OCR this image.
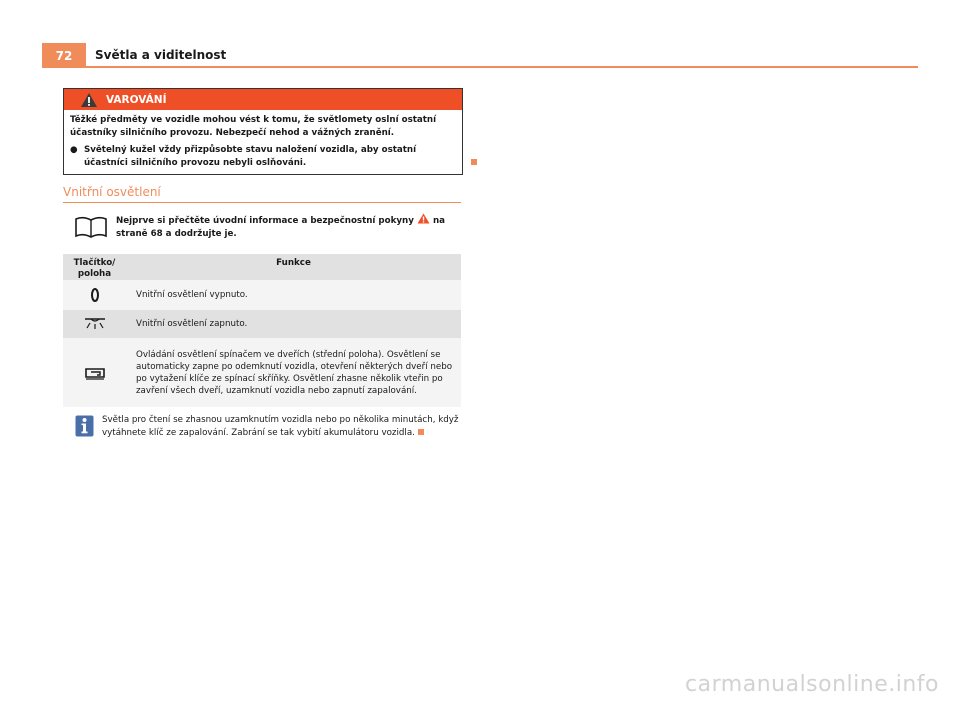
72	Světla a viditelnost
VAROVÁNÍ

Těžké předměty ve vozidle mohou vést k tomu, že světlomety oslní ostatní účastníky silničního provozu. Nebezpečí nehod a vážných zranění.

● Světelný kužel vždy přizpůsobte stavu naložení vozidla, aby ostatní účastníci silničního provozu nebyli oslňováni.
Vnitřní osvětlení
Nejprve si přečtěte úvodní informace a bezpečnostní pokyny na straně 68 a dodržujte je.
Tlačítko/ poloha	Funkce
	Vnitřní osvětlení vypnuto.
	Vnitřní osvětlení zapnuto.
	Ovládání osvětlení spínačem ve dveřích (střední poloha). Osvětlení se automaticky zapne po odemknutí vozidla, otevření některých dveří nebo po vytažení klíče ze spínací skříňky. Osvětlení zhasne několik vteřin po zavření všech dveří, uzamknutí vozidla nebo zapnutí zapalování.
Světla pro čtení se zhasnou uzamknutím vozidla nebo po několika minutách, když vytáhnete klíč ze zapalování. Zabrání se tak vybití akumulátoru vozidla.
carmanualsonline.info
